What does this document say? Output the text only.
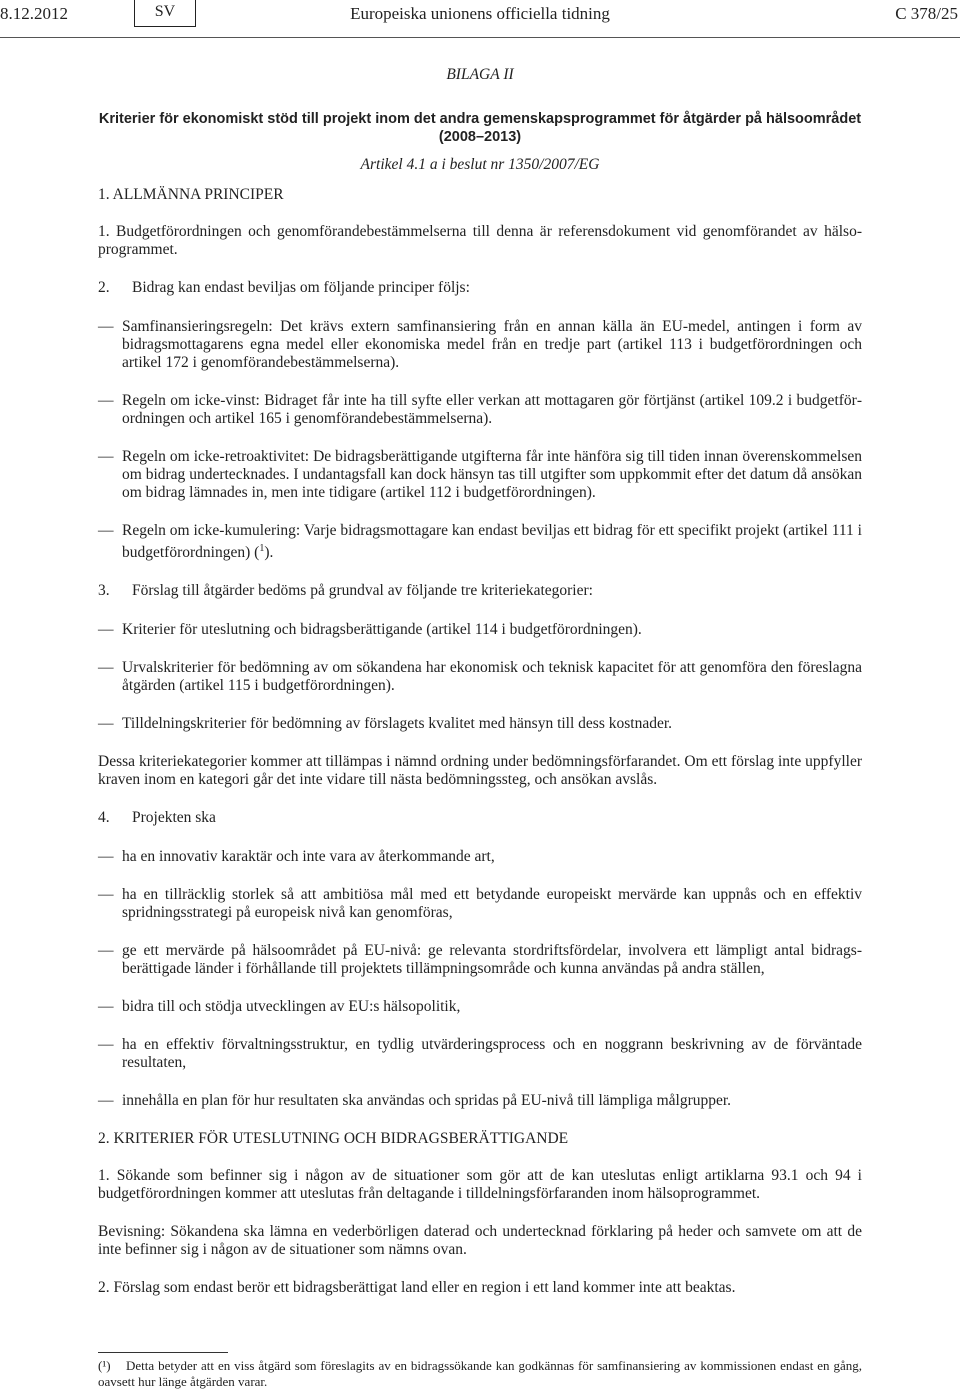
8.12.2012	SV	Europeiska unionens officiella tidning	C 378/25

BILAGA II

Kriterier för ekonomiskt stöd till projekt inom det andra gemenskapsprogrammet för åtgärder på hälsoområdet (2008–2013)

Artikel 4.1 a i beslut nr 1350/2007/EG

1. ALLMÄNNA PRINCIPER

1. Budgetförordningen och genomförandebestämmelserna till denna är referensdokument vid genomförandet av hälsoprogrammet.

2. Bidrag kan endast beviljas om följande principer följs:

— Samfinansieringsregeln: Det krävs extern samfinansiering från en annan källa än EU-medel, antingen i form av bidragsmottagarens egna medel eller ekonomiska medel från en tredje part (artikel 113 i budgetförordningen och artikel 172 i genomförandebestämmelserna).

— Regeln om icke-vinst: Bidraget får inte ha till syfte eller verkan att mottagaren gör förtjänst (artikel 109.2 i budgetförordningen och artikel 165 i genomförandebestämmelserna).

— Regeln om icke-retroaktivitet: De bidragsberättigande utgifterna får inte hänföra sig till tiden innan överenskommelsen om bidrag undertecknades. I undantagsfall kan dock hänsyn tas till utgifter som uppkommit efter det datum då ansökan om bidrag lämnades in, men inte tidigare (artikel 112 i budgetförordningen).

— Regeln om icke-kumulering: Varje bidragsmottagare kan endast beviljas ett bidrag för ett specifikt projekt (artikel 111 i budgetförordningen) ($^1$).

3. Förslag till åtgärder bedöms på grundval av följande tre kriteriekategorier:

— Kriterier för uteslutning och bidragsberättigande (artikel 114 i budgetförordningen).

— Urvalskriterier för bedömning av om sökandena har ekonomisk och teknisk kapacitet för att genomföra den föreslagna åtgärden (artikel 115 i budgetförordningen).

— Tilldelningskriterier för bedömning av förslagets kvalitet med hänsyn till dess kostnader.

Dessa kriteriekategorier kommer att tillämpas i nämnd ordning under bedömningsförfarandet. Om ett förslag inte uppfyller kraven inom en kategori går det inte vidare till nästa bedömningssteg, och ansökan avslås.

4. Projekten ska

— ha en innovativ karaktär och inte vara av återkommande art,

— ha en tillräcklig storlek så att ambitiösa mål med ett betydande europeiskt mervärde kan uppnås och en effektiv spridningsstrategi på europeisk nivå kan genomföras,

— ge ett mervärde på hälsoområdet på EU-nivå: ge relevanta stordriftsfördelar, involvera ett lämpligt antal bidragsberättigade länder i förhållande till projektets tillämpningsområde och kunna användas på andra ställen,

— bidra till och stödja utvecklingen av EU:s hälsopolitik,

— ha en effektiv förvaltningsstruktur, en tydlig utvärderingsprocess och en noggrann beskrivning av de förväntade resultaten,

— innehålla en plan för hur resultaten ska användas och spridas på EU-nivå till lämpliga målgrupper.

2. KRITERIER FÖR UTESLUTNING OCH BIDRAGSBERÄTTIGANDE

1. Sökande som befinner sig i någon av de situationer som gör att de kan uteslutas enligt artiklarna 93.1 och 94 i budgetförordningen kommer att uteslutas från deltagande i tilldelningsförfaranden inom hälsoprogrammet.

Bevisning: Sökandena ska lämna en vederbörligen daterad och undertecknad förklaring på heder och samvete om att de inte befinner sig i någon av de situationer som nämns ovan.

2. Förslag som endast berör ett bidragsberättigat land eller en region i ett land kommer inte att beaktas.

(¹) Detta betyder att en viss åtgärd som föreslagits av en bidragssökande kan godkännas för samfinansiering av kommissionen endast en gång, oavsett hur länge åtgärden varar.
